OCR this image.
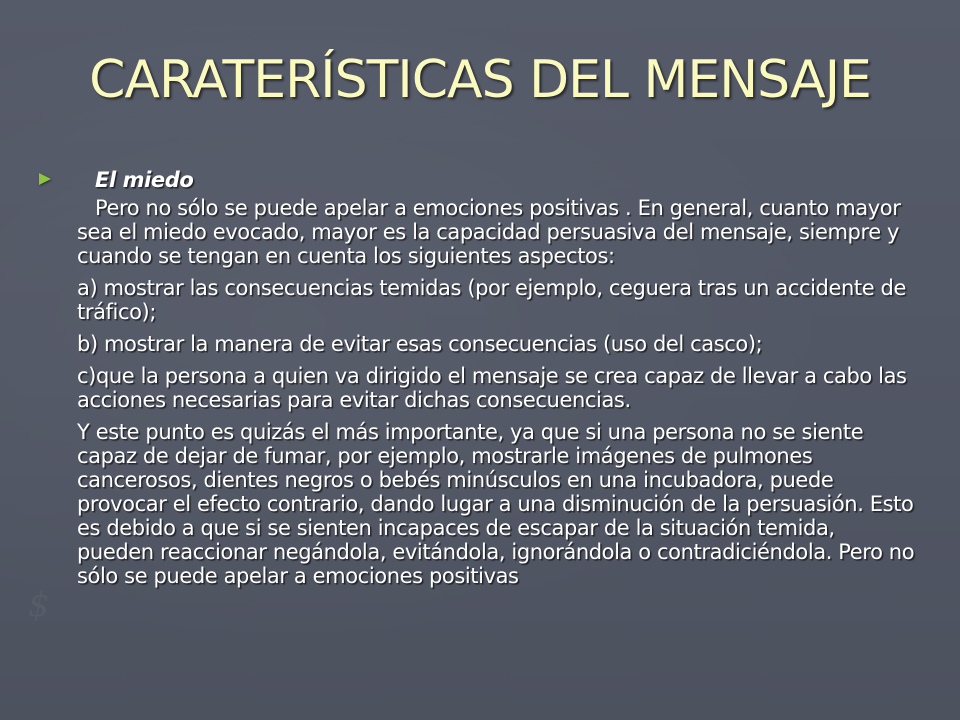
$
CARATERÍSTICAS DEL MENSAJE
El miedo

Pero no sólo se puede apelar a emociones positivas . En general, cuanto mayor sea el miedo evocado, mayor es la capacidad persuasiva del mensaje, siempre y cuando se tengan en cuenta los siguientes aspectos:

a) mostrar las consecuencias temidas (por ejemplo, ceguera tras un accidente de tráfico);

b) mostrar la manera de evitar esas consecuencias (uso del casco);

c)que la persona a quien va dirigido el mensaje se crea capaz de llevar a cabo las acciones necesarias para evitar dichas consecuencias.

Y este punto es quizás el más importante, ya que si una persona no se siente capaz de dejar de fumar, por ejemplo, mostrarle imágenes de pulmones cancerosos, dientes negros o bebés minúsculos en una incubadora, puede provocar el efecto contrario, dando lugar a una disminución de la persuasión. Esto es debido a que si se sienten incapaces de escapar de la situación temida, pueden reaccionar negándola, evitándola, ignorándola o contradiciéndola. Pero no sólo se puede apelar a emociones positivas
